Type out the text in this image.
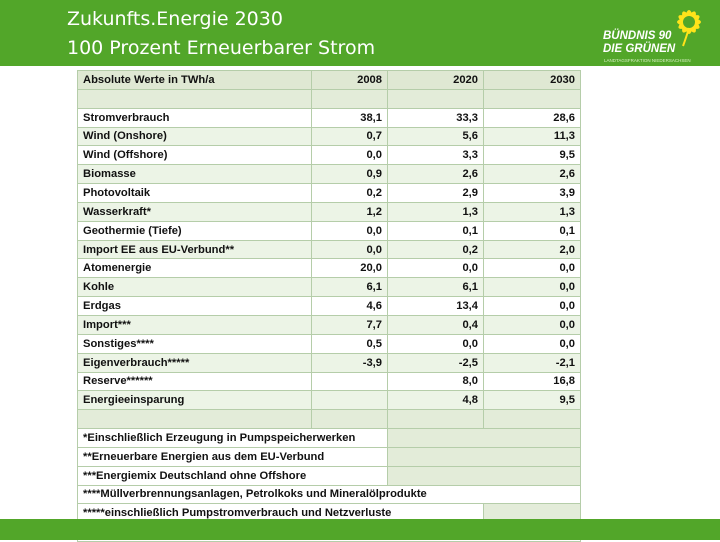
Zukunfts.Energie 2030
100 Prozent Erneuerbarer Strom
BÜNDNIS 90
DIE GRÜNEN
LANDTAGSFRAKTION NIEDERSACHSEN
Absolute Werte in TWh/a	2008	2020	2030

Stromverbrauch	38,1	33,3	28,6
Wind (Onshore)	0,7	5,6	11,3
Wind (Offshore)	0,0	3,3	9,5
Biomasse	0,9	2,6	2,6
Photovoltaik	0,2	2,9	3,9
Wasserkraft*	1,2	1,3	1,3
Geothermie (Tiefe)	0,0	0,1	0,1
Import EE aus EU-Verbund**	0,0	0,2	2,0
Atomenergie	20,0	0,0	0,0
Kohle	6,1	6,1	0,0
Erdgas	4,6	13,4	0,0
Import***	7,7	0,4	0,0
Sonstiges****	0,5	0,0	0,0
Eigenverbrauch*****	-3,9	-2,5	-2,1
Reserve******		8,0	16,8
Energieeinsparung		4,8	9,5

*Einschließlich Erzeugung in Pumpspeicherwerken			
**Erneuerbare Energien aus dem EU-Verbund			
***Energiemix Deutschland ohne Offshore			
****Müllverbrennungsanlagen, Petrolkoks und Mineralölprodukte			
*****einschließlich Pumpstromverbrauch und Netzverluste			
